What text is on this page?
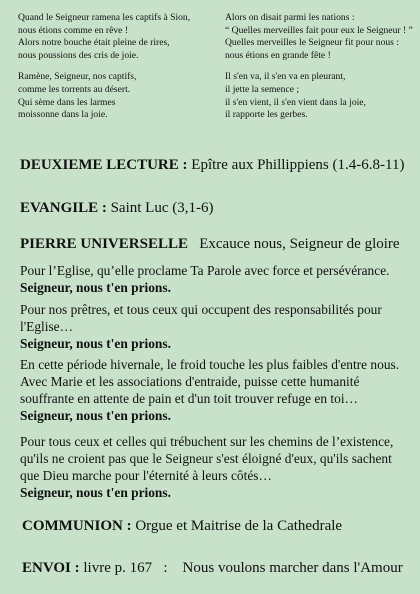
Quand le Seigneur ramena les captifs à Sion,

nous étions comme en rêve !

Alors notre bouche était pleine de rires,

nous poussions des cris de joie.

Ramène, Seigneur, nos captifs,

comme les torrents au désert.

Qui sème dans les larmes

moissonne dans la joie.

Alors on disait parmi les nations :

“ Quelles merveilles fait pour eux le Seigneur ! ”

Quelles merveilles le Seigneur fit pour nous :

nous étions en grande fête !

Il s'en va, il s'en va en pleurant,

il jette la semence ;

il s'en vient, il s'en vient dans la joie,

il rapporte les gerbes.

DEUXIEME LECTURE : Epître aux Phillippiens (1.4-6.8-11)
EVANGILE : Saint Luc (3,1-6)
PIERRE UNIVERSELLE Excauce nous, Seigneur de gloire

Pour l’Eglise, qu’elle proclame Ta Parole avec force et persévérance.

Seigneur, nous t'en prions.

Pour nos prêtres, et tous ceux qui occupent des responsabilités pour

l'Eglise…

Seigneur, nous t'en prions.

En cette période hivernale, le froid touche les plus faibles d'entre nous.

Avec Marie et les associations d'entraide, puisse cette humanité

souffrante en attente de pain et d'un toit trouver refuge en toi…

Seigneur, nous t'en prions.

Pour tous ceux et celles qui trébuchent sur les chemins de l’existence,

qu'ils ne croient pas que le Seigneur s'est éloigné d'eux, qu'ils sachent

que Dieu marche pour l'éternité à leurs côtés…

Seigneur, nous t'en prions.

COMMUNION : Orgue et Maitrise de la Cathedrale
ENVOI : livre p. 167 : Nous voulons marcher dans l'Amour
